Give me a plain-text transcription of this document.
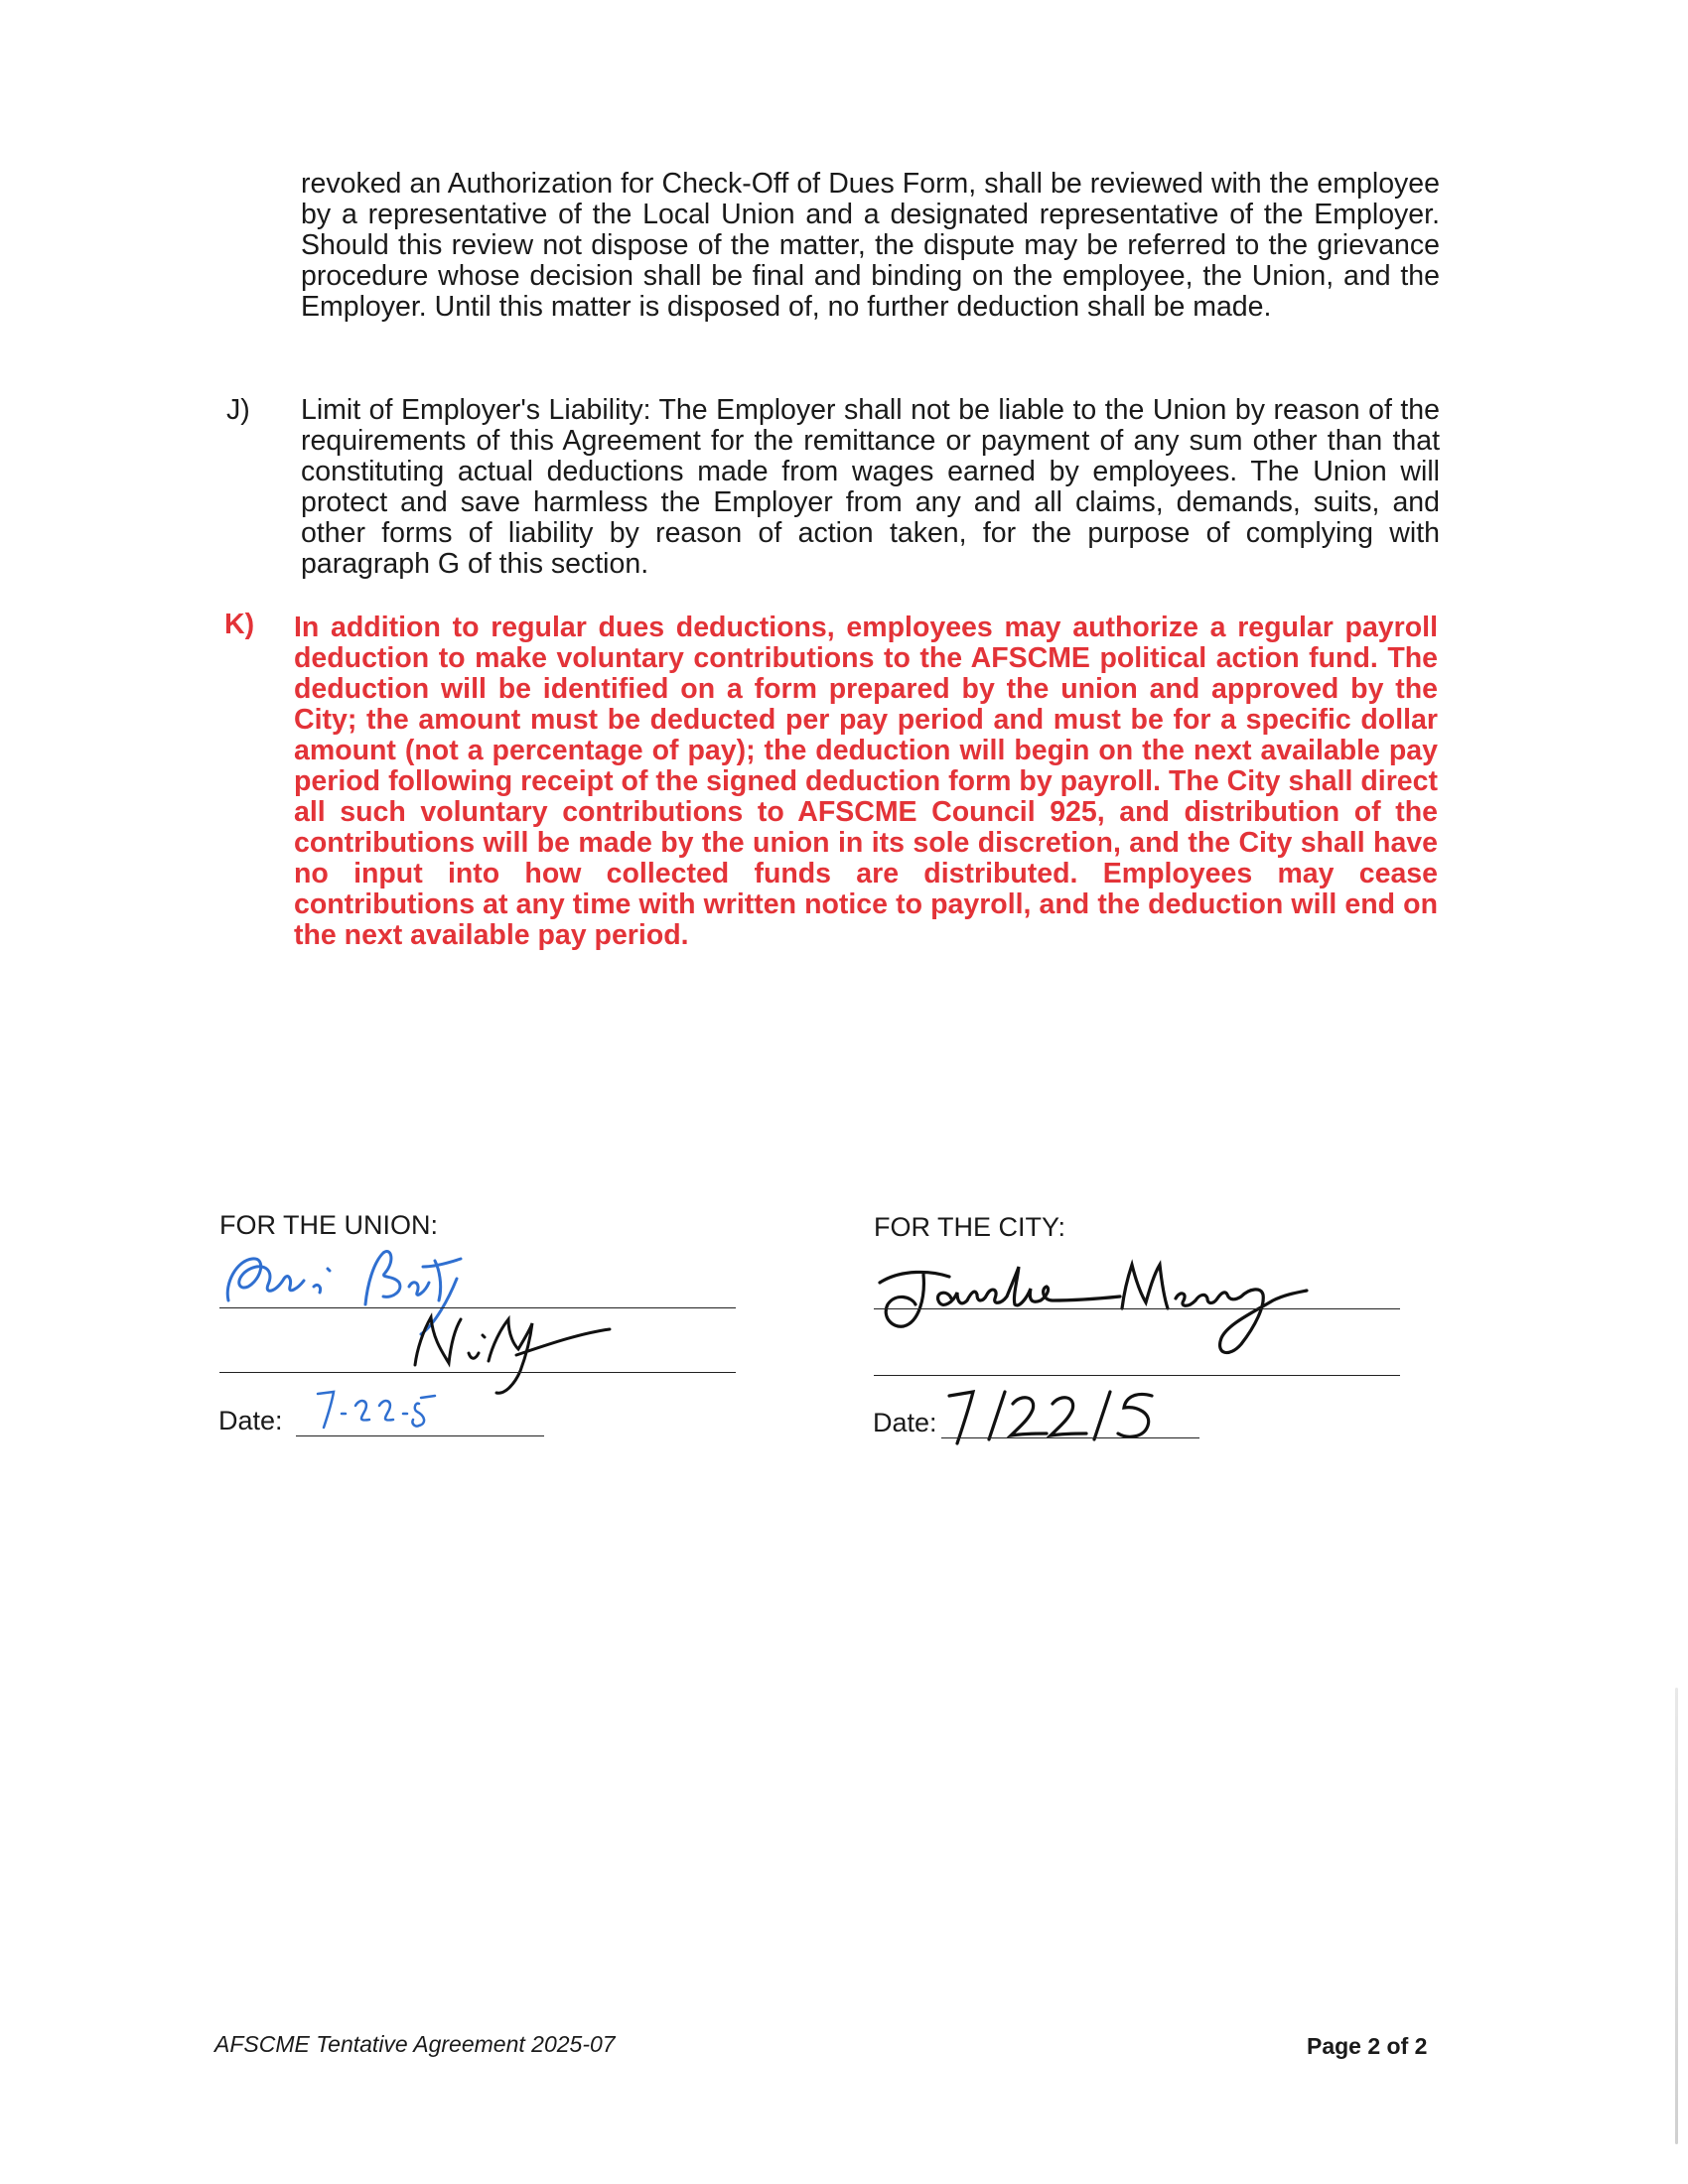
revoked an Authorization for Check-Off of Dues Form, shall be reviewed with the employee by a representative of the Local Union and a designated representative of the Employer. Should this review not dispose of the matter, the dispute may be referred to the grievance procedure whose decision shall be final and binding on the employee, the Union, and the Employer. Until this matter is disposed of, no further deduction shall be made.

J) Limit of Employer's Liability: The Employer shall not be liable to the Union by reason of the requirements of this Agreement for the remittance or payment of any sum other than that constituting actual deductions made from wages earned by employees. The Union will protect and save harmless the Employer from any and all claims, demands, suits, and other forms of liability by reason of action taken, for the purpose of complying with paragraph G of this section.

K) In addition to regular dues deductions, employees may authorize a regular payroll deduction to make voluntary contributions to the AFSCME political action fund. The deduction will be identified on a form prepared by the union and approved by the City; the amount must be deducted per pay period and must be for a specific dollar amount (not a percentage of pay); the deduction will begin on the next available pay period following receipt of the signed deduction form by payroll. The City shall direct all such voluntary contributions to AFSCME Council 925, and distribution of the contributions will be made by the union in its sole discretion, and the City shall have no input into how collected funds are distributed. Employees may cease contributions at any time with written notice to payroll, and the deduction will end on the next available pay period.

FOR THE UNION:

Date:

FOR THE CITY:

Date:

AFSCME Tentative Agreement 2025-07	Page 2 of 2
